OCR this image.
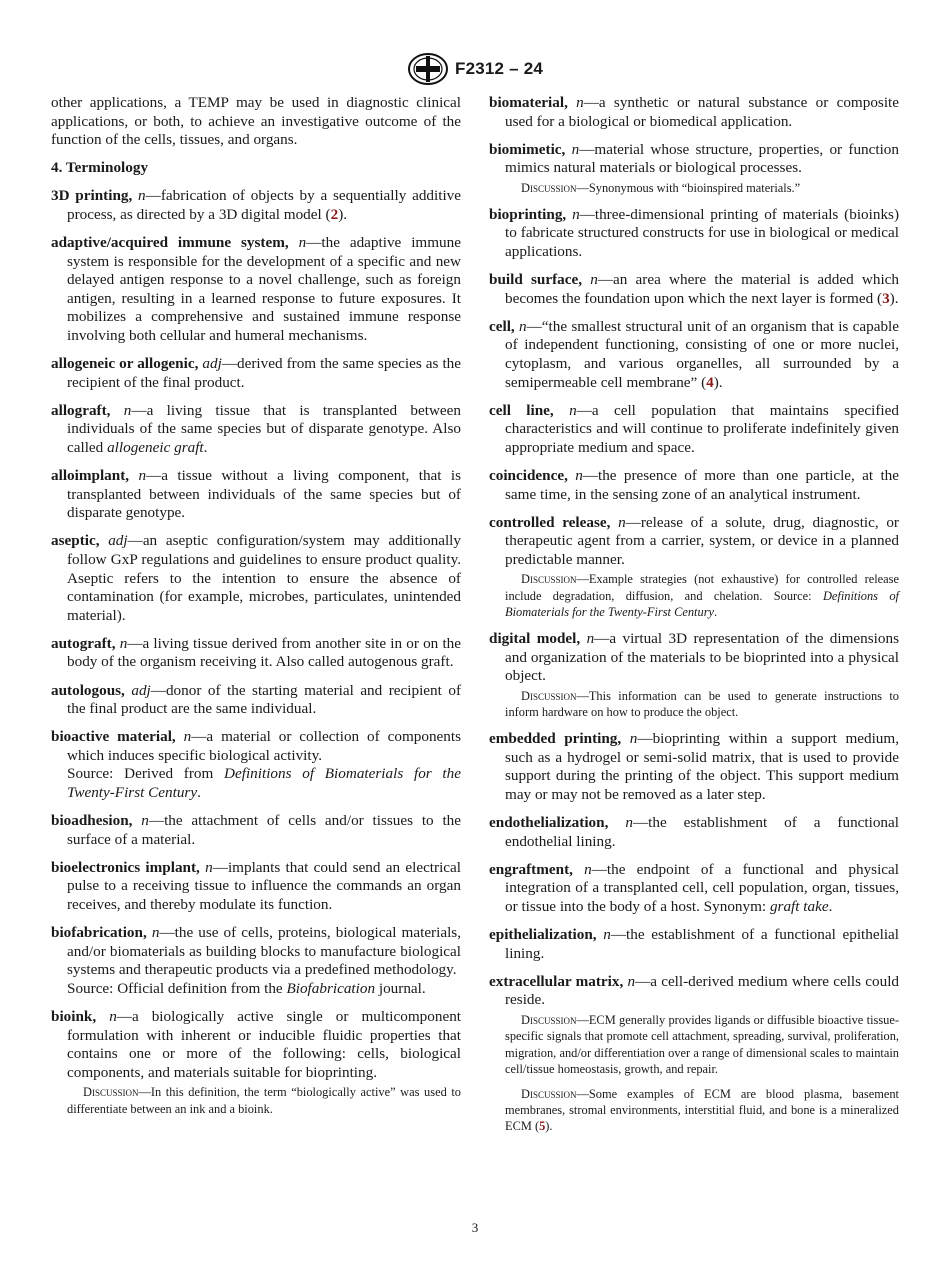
F2312 – 24

other applications, a TEMP may be used in diagnostic clinical applications, or both, to achieve an investigative outcome of the function of the cells, tissues, and organs.

4. Terminology
3D printing, n—fabrication of objects by a sequentially additive process, as directed by a 3D digital model (2).
adaptive/acquired immune system, n—the adaptive immune system is responsible for the development of a specific and new delayed antigen response to a novel challenge, such as foreign antigen, resulting in a learned response to future exposures. It mobilizes a comprehensive and sustained immune response involving both cellular and humeral mechanisms.
allogeneic or allogenic, adj—derived from the same species as the recipient of the final product.
allograft, n—a living tissue that is transplanted between individuals of the same species but of disparate genotype. Also called allogeneic graft.
alloimplant, n—a tissue without a living component, that is transplanted between individuals of the same species but of disparate genotype.
aseptic, adj—an aseptic configuration/system may additionally follow GxP regulations and guidelines to ensure product quality. Aseptic refers to the intention to ensure the absence of contamination (for example, microbes, particulates, unintended material).
autograft, n—a living tissue derived from another site in or on the body of the organism receiving it. Also called autogenous graft.
autologous, adj—donor of the starting material and recipient of the final product are the same individual.
bioactive material, n—a material or collection of components which induces specific biological activity.
Source: Derived from Definitions of Biomaterials for the Twenty-First Century.
bioadhesion, n—the attachment of cells and/or tissues to the surface of a material.
bioelectronics implant, n—implants that could send an electrical pulse to a receiving tissue to influence the commands an organ receives, and thereby modulate its function.
biofabrication, n—the use of cells, proteins, biological materials, and/or biomaterials as building blocks to manufacture biological systems and therapeutic products via a predefined methodology.
Source: Official definition from the Biofabrication journal.
bioink, n—a biologically active single or multicomponent formulation with inherent or inducible fluidic properties that contains one or more of the following: cells, biological components, and materials suitable for bioprinting.
Discussion—In this definition, the term “biologically active” was used to differentiate between an ink and a bioink.
biomaterial, n—a synthetic or natural substance or composite used for a biological or biomedical application.
biomimetic, n—material whose structure, properties, or function mimics natural materials or biological processes.
Discussion—Synonymous with “bioinspired materials.”
bioprinting, n—three-dimensional printing of materials (bioinks) to fabricate structured constructs for use in biological or medical applications.
build surface, n—an area where the material is added which becomes the foundation upon which the next layer is formed (3).
cell, n—“the smallest structural unit of an organism that is capable of independent functioning, consisting of one or more nuclei, cytoplasm, and various organelles, all surrounded by a semipermeable cell membrane” (4).
cell line, n—a cell population that maintains specified characteristics and will continue to proliferate indefinitely given appropriate medium and space.
coincidence, n—the presence of more than one particle, at the same time, in the sensing zone of an analytical instrument.
controlled release, n—release of a solute, drug, diagnostic, or therapeutic agent from a carrier, system, or device in a planned predictable manner.
Discussion—Example strategies (not exhaustive) for controlled release include degradation, diffusion, and chelation. Source: Definitions of Biomaterials for the Twenty-First Century.
digital model, n—a virtual 3D representation of the dimensions and organization of the materials to be bioprinted into a physical object.
Discussion—This information can be used to generate instructions to inform hardware on how to produce the object.
embedded printing, n—bioprinting within a support medium, such as a hydrogel or semi-solid matrix, that is used to provide support during the printing of the object. This support medium may or may not be removed as a later step.
endothelialization, n—the establishment of a functional endothelial lining.
engraftment, n—the endpoint of a functional and physical integration of a transplanted cell, cell population, organ, tissues, or tissue into the body of a host. Synonym: graft take.
epithelialization, n—the establishment of a functional epithelial lining.
extracellular matrix, n—a cell-derived medium where cells could reside.
Discussion—ECM generally provides ligands or diffusible bioactive tissue-specific signals that promote cell attachment, spreading, survival, proliferation, migration, and/or differentiation over a range of dimensional scales to maintain cell/tissue homeostasis, growth, and repair.
Discussion—Some examples of ECM are blood plasma, basement membranes, stromal environments, interstitial fluid, and bone is a mineralized ECM (5).
3
